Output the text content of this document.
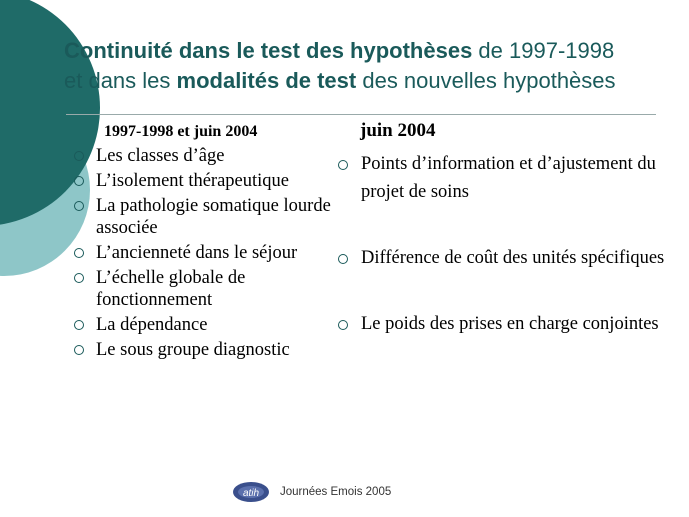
Continuité dans le test des hypothèses de 1997-1998
et dans les modalités de test des nouvelles hypothèses
1997-1998 et juin 2004
Les classes d’âge
L’isolement thérapeutique
La pathologie somatique lourde associée
L’ancienneté dans le séjour
L’échelle globale de fonctionnement
La dépendance
Le sous groupe diagnostic
juin 2004
Points d’information et d’ajustement du projet de soins
Différence de coût des unités spécifiques
Le poids des prises en charge conjointes
atih Journées Emois 2005
